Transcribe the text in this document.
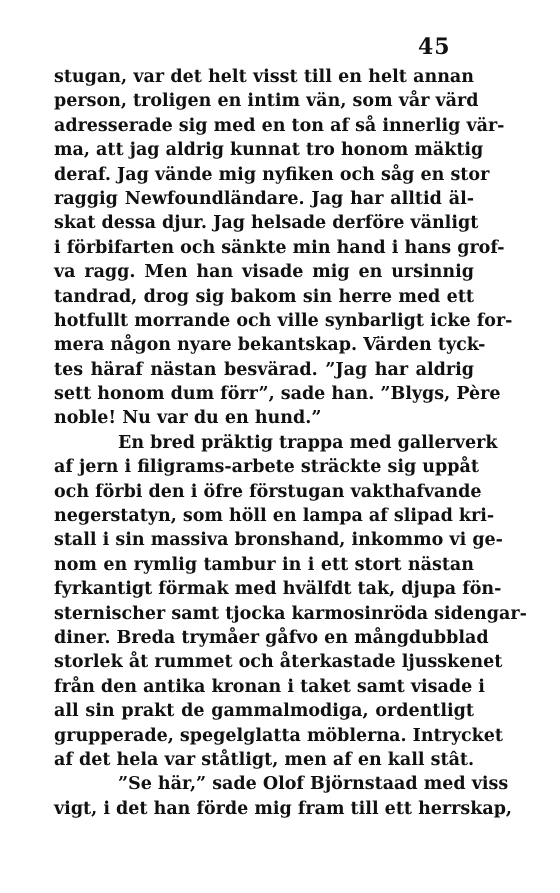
45
stugan, var det helt visst till en helt annan
person, troligen en intim vän, som vår värd
adresserade sig med en ton af så innerlig vär-
ma, att jag aldrig kunnat tro honom mäktig
deraf. Jag vände mig nyfiken och såg en stor
raggig Newfoundländare. Jag har alltid äl-
skat dessa djur. Jag helsade derföre vänligt
i förbifarten och sänkte min hand i hans grof-
va ragg. Men han visade mig en ursinnig
tandrad, drog sig bakom sin herre med ett
hotfullt morrande och ville synbarligt icke for-
mera någon nyare bekantskap. Värden tyck-
tes häraf nästan besvärad. ”Jag har aldrig
sett honom dum förr”, sade han. ”Blygs, Père
noble! Nu var du en hund.”
En bred präktig trappa med gallerverk
af jern i filigrams-arbete sträckte sig uppåt
och förbi den i öfre förstugan vakthafvande
negerstatyn, som höll en lampa af slipad kri-
stall i sin massiva bronshand, inkommo vi ge-
nom en rymlig tambur in i ett stort nästan
fyrkantigt förmak med hvälfdt tak, djupa fön-
sternischer samt tjocka karmosinröda sidengar-
diner. Breda trymåer gåfvo en mångdubblad
storlek åt rummet och återkastade ljusskenet
från den antika kronan i taket samt visade i
all sin prakt de gammalmodiga, ordentligt
grupperade, spegelglatta möblerna. Intrycket
af det hela var ståtligt, men af en kall stât.
”Se här,” sade Olof Björnstaad med viss
vigt, i det han förde mig fram till ett herrskap,
